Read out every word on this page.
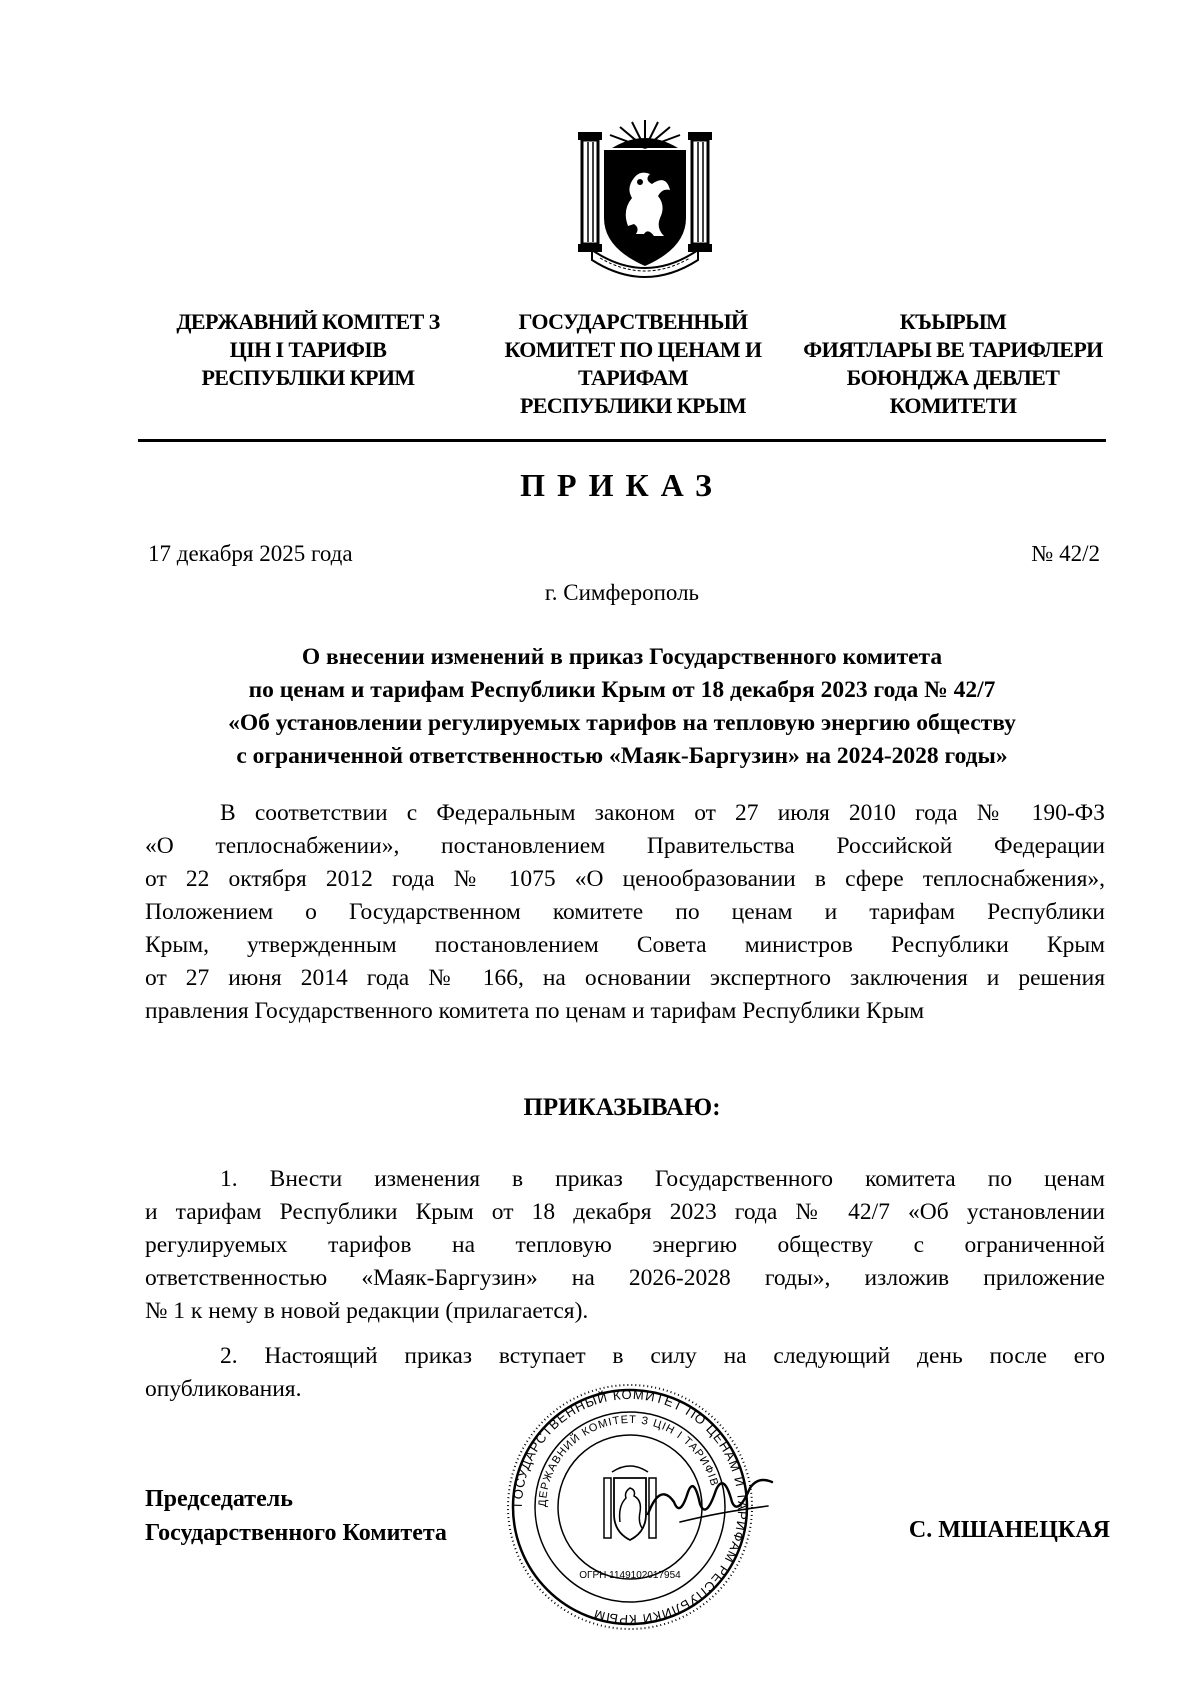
ДЕРЖАВНИЙ КОМІТЕТ З
ЦІН І ТАРИФІВ
РЕСПУБЛІКИ КРИМ
ГОСУДАРСТВЕННЫЙ
КОМИТЕТ ПО ЦЕНАМ И
ТАРИФАМ
РЕСПУБЛИКИ КРЫМ
КЪЫРЫМ
ФИЯТЛАРЫ ВЕ ТАРИФЛЕРИ
БОЮНДЖА ДЕВЛЕТ
КОМИТЕТИ
ПРИКАЗ
17 декабря 2025 года	№ 42/2
г. Симферополь
О внесении изменений в приказ Государственного комитета
по ценам и тарифам Республики Крым от 18 декабря 2023 года № 42/7
«Об установлении регулируемых тарифов на тепловую энергию обществу
с ограниченной ответственностью «Маяк-Баргузин» на 2024-2028 годы»
В соответствии с Федеральным законом от 27 июля 2010 года № 190-ФЗ
«О теплоснабжении», постановлением Правительства Российской Федерации
от 22 октября 2012 года № 1075 «О ценообразовании в сфере теплоснабжения»,
Положением о Государственном комитете по ценам и тарифам Республики
Крым, утвержденным постановлением Совета министров Республики Крым
от 27 июня 2014 года № 166, на основании экспертного заключения и решения
правления Государственного комитета по ценам и тарифам Республики Крым
ПРИКАЗЫВАЮ:
1. Внести изменения в приказ Государственного комитета по ценам
и тарифам Республики Крым от 18 декабря 2023 года № 42/7 «Об установлении
регулируемых тарифов на тепловую энергию обществу с ограниченной
ответственностью «Маяк-Баргузин» на 2026-2028 годы», изложив приложение
№ 1 к нему в новой редакции (прилагается).
2. Настоящий приказ вступает в силу на следующий день после его
опубликования.
ГОСУДАРСТВЕННЫЙ КОМИТЕТ ПО ЦЕНАМ И ТАРИФАМ РЕСПУБЛИКИ КРЫМ
ДЕРЖАВНИЙ КОМІТЕТ З ЦІН І ТАРИФІВ
ОГРН 1149102017954
Председатель
Государственного Комитета	С. МШАНЕЦКАЯ
